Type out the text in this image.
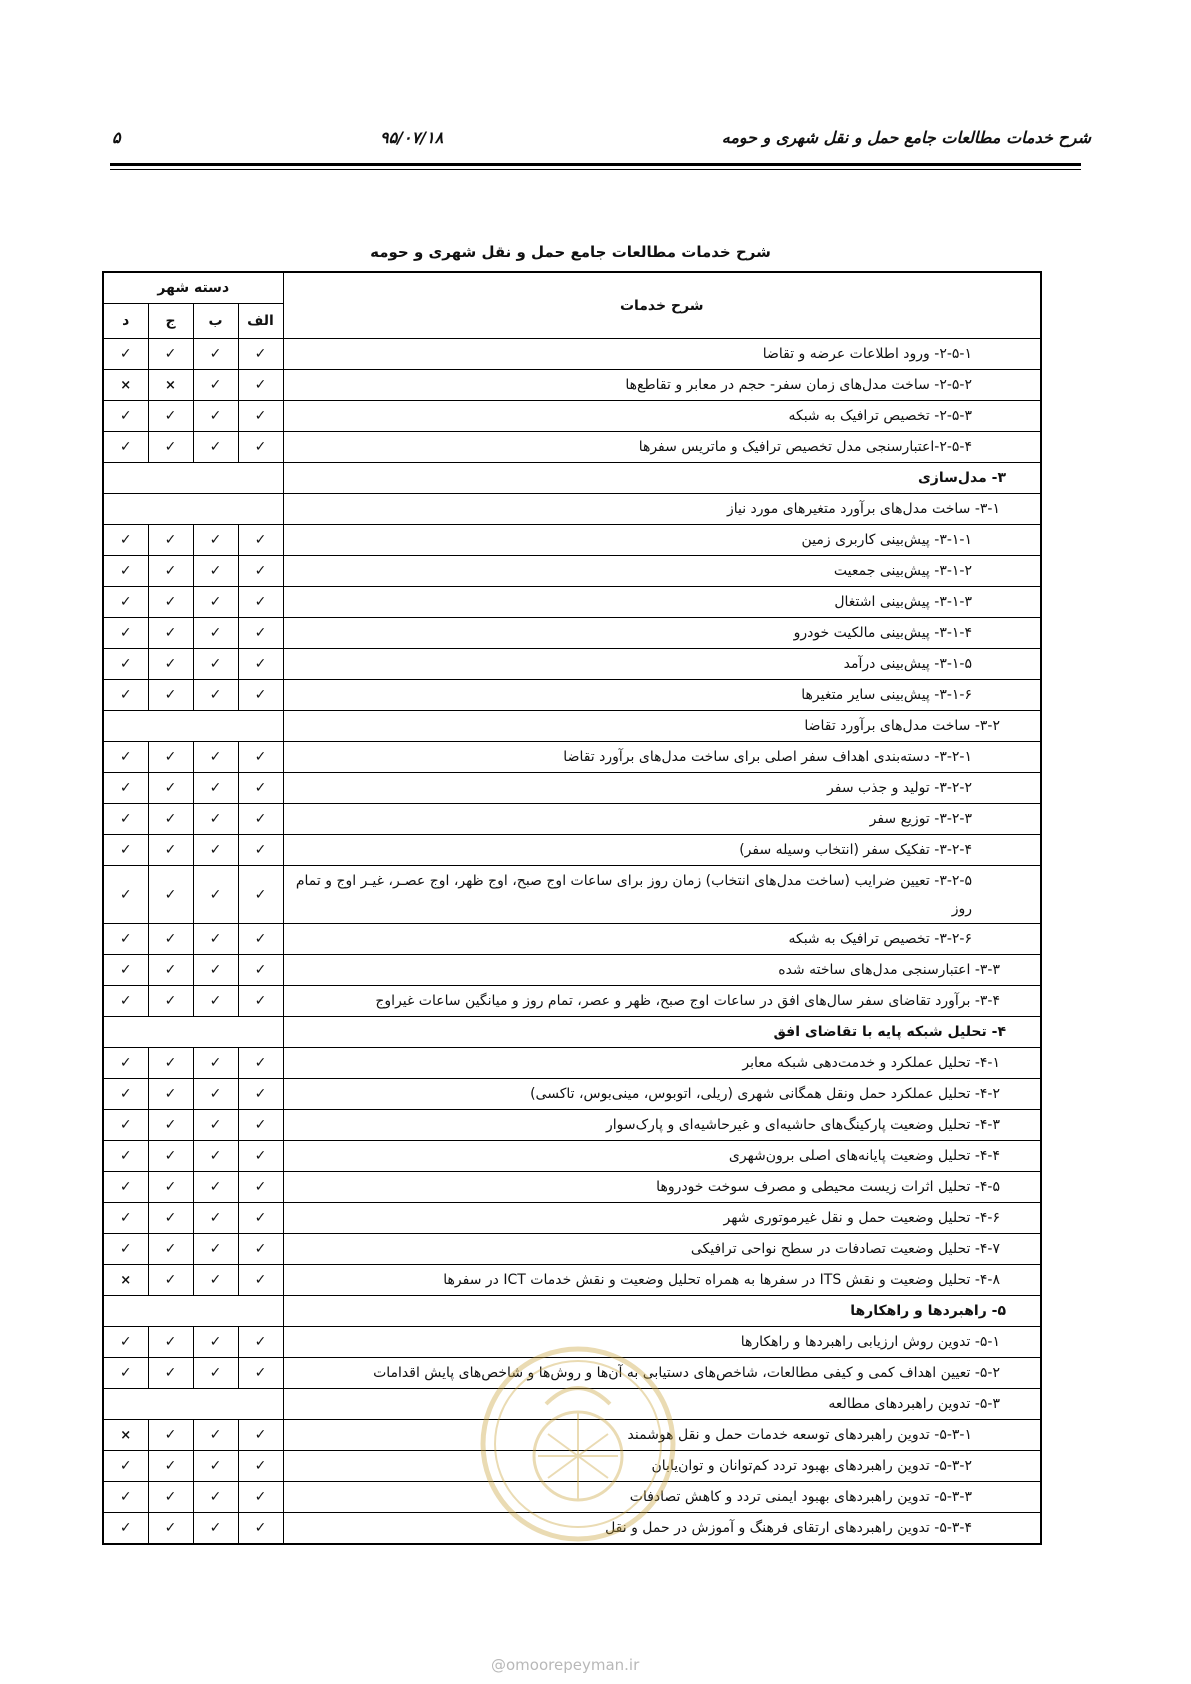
شرح خدمات مطالعات جامع حمل و نقل شهری و حومه
۹۵/۰۷/۱۸
۵
شرح خدمات مطالعات جامع حمل و نقل شهری و حومه
شرح خدمات	دسته شهر			
	الف	ب	ج	د
۲-۵-۱- ورود اطلاعات عرضه و تقاضا	✓	✓	✓	✓
۲-۵-۲- ساخت مدل‌های زمان سفر- حجم در معابر و تقاطع‌ها	✓	✓	×	×
۲-۵-۳- تخصیص ترافیک به شبکه	✓	✓	✓	✓
۲-۵-۴-اعتبارسنجی مدل تخصیص ترافیک و ماتریس سفرها	✓	✓	✓	✓
۳- مدل‌سازی				
۳-۱- ساخت مدل‌های برآورد متغیرهای مورد نیاز				
۳-۱-۱- پیش‌بینی کاربری زمین	✓	✓	✓	✓
۳-۱-۲- پیش‌بینی جمعیت	✓	✓	✓	✓
۳-۱-۳- پیش‌بینی اشتغال	✓	✓	✓	✓
۳-۱-۴- پیش‌بینی مالکیت خودرو	✓	✓	✓	✓
۳-۱-۵- پیش‌بینی درآمد	✓	✓	✓	✓
۳-۱-۶- پیش‌بینی سایر متغیرها	✓	✓	✓	✓
۳-۲- ساخت مدل‌های برآورد تقاضا				
۳-۲-۱- دسته‌بندی اهداف سفر اصلی برای ساخت مدل‌های برآورد تقاضا	✓	✓	✓	✓
۳-۲-۲- تولید و جذب سفر	✓	✓	✓	✓
۳-۲-۳- توزیع سفر	✓	✓	✓	✓
۳-۲-۴- تفکیک سفر (انتخاب وسیله سفر)	✓	✓	✓	✓
۳-۲-۵- تعیین ضرایب (ساخت مدل‌های انتخاب) زمان روز برای ساعات اوج صبح، اوج ظهر، اوج عصـر، غیـر اوج و تمام روز	✓	✓	✓	✓
۳-۲-۶- تخصیص ترافیک به شبکه	✓	✓	✓	✓
۳-۳- اعتبارسنجی مدل‌های ساخته شده	✓	✓	✓	✓
۳-۴- برآورد تقاضای سفر سال‌های افق در ساعات اوج صبح، ظهر و عصر، تمام روز و میانگین ساعات غیراوج	✓	✓	✓	✓
۴- تحلیل شبکه پایه با تقاضای افق				
۴-۱- تحلیل عملکرد و خدمت‌دهی شبکه معابر	✓	✓	✓	✓
۴-۲- تحلیل عملکرد حمل ونقل همگانی شهری (ریلی، اتوبوس، مینی‌بوس، تاکسی)	✓	✓	✓	✓
۴-۳- تحلیل وضعیت پارکینگ‌های حاشیه‌ای و غیرحاشیه‌ای و پارک‌سوار	✓	✓	✓	✓
۴-۴- تحلیل وضعیت پایانه‌های اصلی برون‌شهری	✓	✓	✓	✓
۴-۵- تحلیل اثرات زیست محیطی و مصرف سوخت خودروها	✓	✓	✓	✓
۴-۶- تحلیل وضعیت حمل و نقل غیرموتوری شهر	✓	✓	✓	✓
۴-۷- تحلیل وضعیت تصادفات در سطح نواحی ترافیکی	✓	✓	✓	✓
۴-۸- تحلیل وضعیت و نقش ITS در سفرها به همراه تحلیل وضعیت و نقش خدمات ICT در سفرها	✓	✓	✓	×
۵- راهبردها و راهکارها				
۵-۱- تدوین روش ارزیابی راهبردها و راهکارها	✓	✓	✓	✓
۵-۲- تعیین اهداف کمی و کیفی مطالعات، شاخص‌های دستیابی به آن‌ها و روش‌ها و شاخص‌های پایش اقدامات	✓	✓	✓	✓
۵-۳- تدوین راهبردهای مطالعه				
۵-۳-۱- تدوین راهبردهای توسعه خدمات حمل و نقل هوشمند	✓	✓	✓	×
۵-۳-۲- تدوین راهبردهای بهبود تردد کم‌توانان و توان‌یابان	✓	✓	✓	✓
۵-۳-۳- تدوین راهبردهای بهبود ایمنی تردد و کاهش تصادفات	✓	✓	✓	✓
۵-۳-۴- تدوین راهبردهای ارتقای فرهنگ و آموزش در حمل و نقل	✓	✓	✓	✓
@omoorepeyman.ir
